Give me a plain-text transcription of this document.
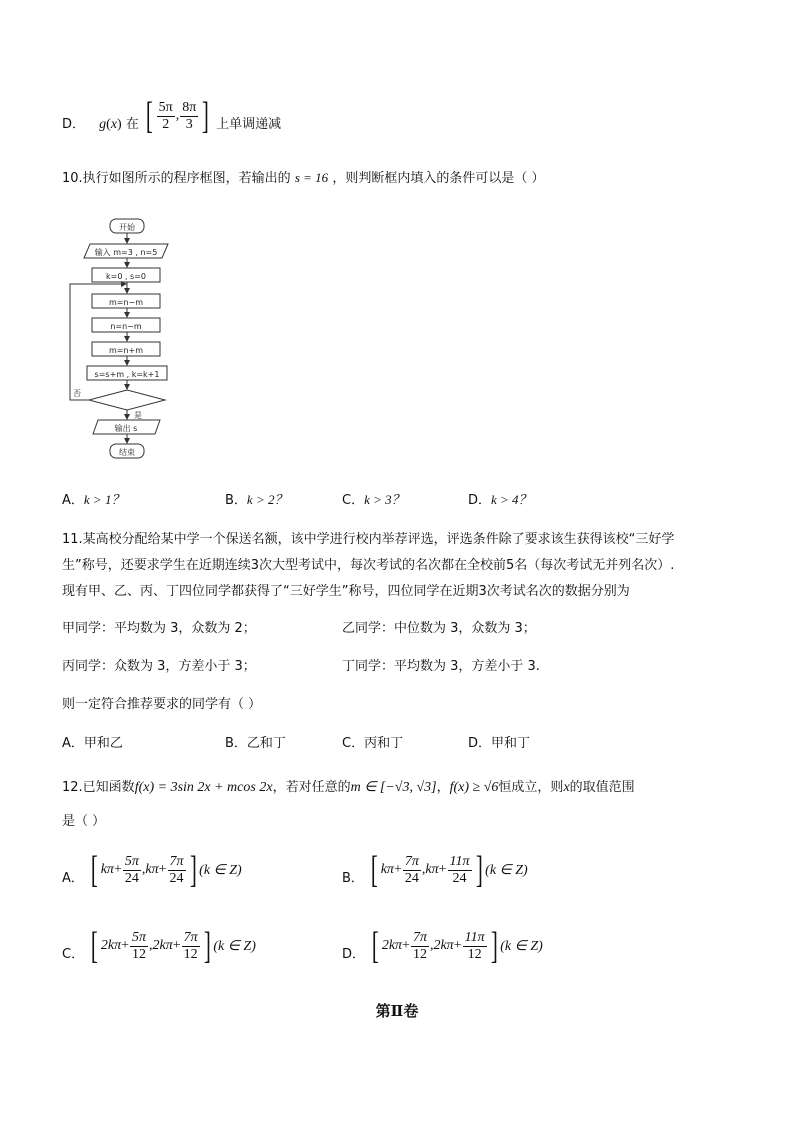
D． g ( x ) 在 [ $\frac{5\pi}{2}$ , $\frac{8\pi}{3}$ ] 上单调递减
10.执行如图所示的程序框图，若输出的 s = 16 ，则判断框内填入的条件可以是（ ）
开始
输入 m=3 , n=5
k=0 , s=0
m=n−m
n=n−m
m=n+m
s=s+m , k=k+1
否
是
输出 s
结束
A．k > 1？	B．k > 2？	C．k > 3？	D．k > 4？
11.某高校分配给某中学一个保送名额，该中学进行校内举荐评选，评选条件除了要求该生获得该校“三好学
生”称号，还要求学生在近期连续3次大型考试中，每次考试的名次都在全校前5名（每次考试无并列名次）.
现有甲、乙、丙、丁四位同学都获得了“三好学生”称号，四位同学在近期3次考试名次的数据分别为
甲同学：平均数为 3，众数为 2；	乙同学：中位数为 3，众数为 3；
丙同学：众数为 3，方差小于 3；	丁同学：平均数为 3，方差小于 3.
则一定符合推荐要求的同学有（ ）
A．甲和乙	B．乙和丁	C．丙和丁	D．甲和丁
12.已知函数f(x) = 3sin 2x + mcos 2x，若对任意的m ∈ [−√3, √3]，f(x) ≥ √6恒成立，则x的取值范围
是（ ）
A． [ $k\pi + \frac{5\pi}{24}$ , $k\pi + \frac{7\pi}{24}$ ] (k ∈ Z)
B． [ $k\pi + \frac{7\pi}{24}$ , $k\pi + \frac{11\pi}{24}$ ] (k ∈ Z)
C． [ $2k\pi + \frac{5\pi}{12}$ , $2k\pi + \frac{7\pi}{12}$ ] (k ∈ Z)
D． [ $2k\pi + \frac{7\pi}{12}$ , $2k\pi + \frac{11\pi}{12}$ ] (k ∈ Z)
第Ⅱ卷
